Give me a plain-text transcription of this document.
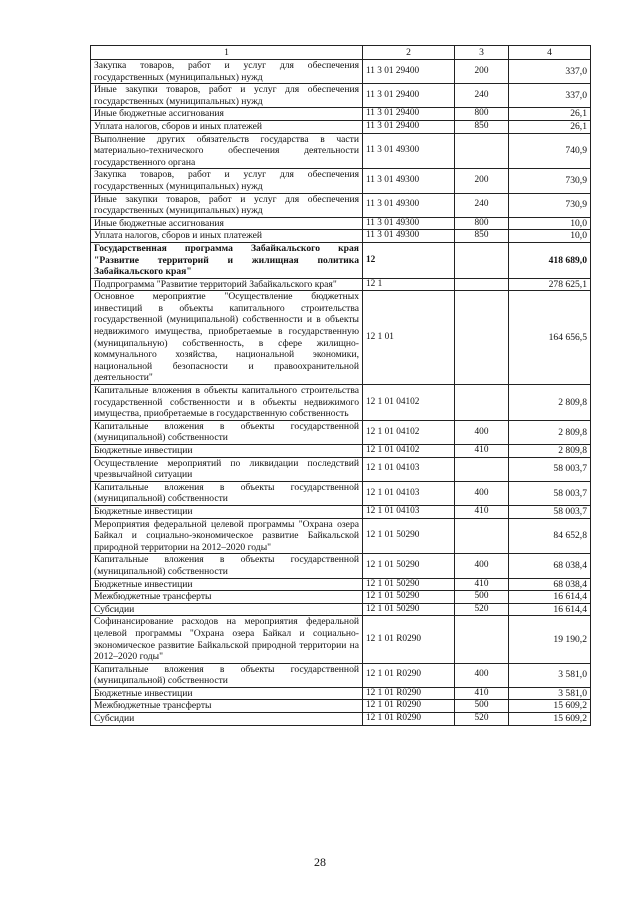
1	2	3	4
Закупка товаров, работ и услуг для обеспечения государственных (муниципальных) нужд	11 3 01 29400	200	337,0
Иные закупки товаров, работ и услуг для обеспечения государственных (муниципальных) нужд	11 3 01 29400	240	337,0
Иные бюджетные ассигнования	11 3 01 29400	800	26,1
Уплата налогов, сборов и иных платежей	11 3 01 29400	850	26,1
Выполнение других обязательств государства в части материально-технического обеспечения деятельности государственного органа	11 3 01 49300		740,9
Закупка товаров, работ и услуг для обеспечения государственных (муниципальных) нужд	11 3 01 49300	200	730,9
Иные закупки товаров, работ и услуг для обеспечения государственных (муниципальных) нужд	11 3 01 49300	240	730,9
Иные бюджетные ассигнования	11 3 01 49300	800	10,0
Уплата налогов, сборов и иных платежей	11 3 01 49300	850	10,0
Государственная программа Забайкальского края "Развитие территорий и жилищная политика Забайкальского края"	12		418 689,0
Подпрограмма "Развитие территорий Забайкальского края"	12 1		278 625,1
Основное мероприятие "Осуществление бюджетных инвестиций в объекты капитального строительства государственной (муниципальной) собственности и в объекты недвижимого имущества, приобретаемые в государственную (муниципальную) собственность, в сфере жилищно-коммунального хозяйства, национальной экономики, национальной безопасности и правоохранительной деятельности"	12 1 01		164 656,5
Капитальные вложения в объекты капитального строительства государственной собственности и в объекты недвижимого имущества, приобретаемые в государственную собственность	12 1 01 04102		2 809,8
Капитальные вложения в объекты государственной (муниципальной) собственности	12 1 01 04102	400	2 809,8
Бюджетные инвестиции	12 1 01 04102	410	2 809,8
Осуществление мероприятий по ликвидации последствий чрезвычайной ситуации	12 1 01 04103		58 003,7
Капитальные вложения в объекты государственной (муниципальной) собственности	12 1 01 04103	400	58 003,7
Бюджетные инвестиции	12 1 01 04103	410	58 003,7
Мероприятия федеральной целевой программы "Охрана озера Байкал и социально-экономическое развитие Байкальской природной территории на 2012–2020 годы"	12 1 01 50290		84 652,8
Капитальные вложения в объекты государственной (муниципальной) собственности	12 1 01 50290	400	68 038,4
Бюджетные инвестиции	12 1 01 50290	410	68 038,4
Межбюджетные трансферты	12 1 01 50290	500	16 614,4
Субсидии	12 1 01 50290	520	16 614,4
Софинансирование расходов на мероприятия федеральной целевой программы "Охрана озера Байкал и социально-экономическое развитие Байкальской природной территории на 2012–2020 годы"	12 1 01 R0290		19 190,2
Капитальные вложения в объекты государственной (муниципальной) собственности	12 1 01 R0290	400	3 581,0
Бюджетные инвестиции	12 1 01 R0290	410	3 581,0
Межбюджетные трансферты	12 1 01 R0290	500	15 609,2
Субсидии	12 1 01 R0290	520	15 609,2
28
